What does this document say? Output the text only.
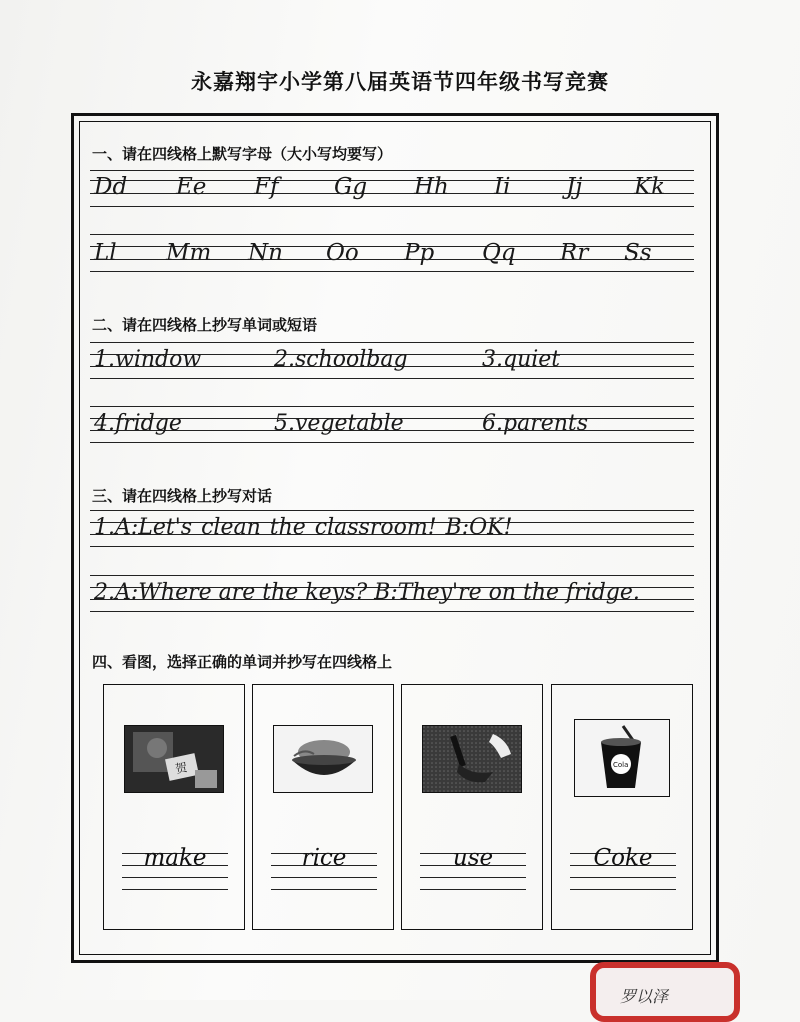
永嘉翔宇小学第八届英语节四年级书写竞赛
一、请在四线格上默写字母（大小写均要写）
Dd Ee Ff Gg Hh Ii Jj Kk
Ll Mm Nn Oo Pp Qq Rr Ss
二、请在四线格上抄写单词或短语
1.window	2.schoolbag	3.quiet
4.fridge	5.vegetable	6.parents
三、请在四线格上抄写对话
1.A:Let's clean the classroom! B:OK!
2.A:Where are the keys? B:They're on the fridge.
四、看图，选择正确的单词并抄写在四线格上
贺
make	rice	use
Cola
Coke
罗以泽
